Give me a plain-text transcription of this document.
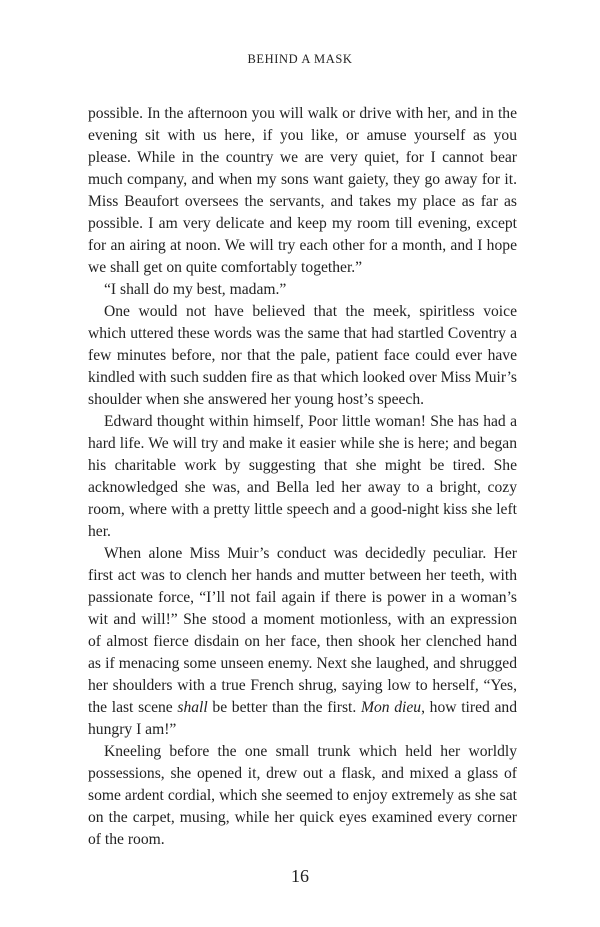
BEHIND A MASK

possible. In the afternoon you will walk or drive with her, and in the evening sit with us here, if you like, or amuse yourself as you please. While in the country we are very quiet, for I cannot bear much company, and when my sons want gaiety, they go away for it. Miss Beaufort oversees the servants, and takes my place as far as possible. I am very delicate and keep my room till evening, except for an airing at noon. We will try each other for a month, and I hope we shall get on quite comfortably together.”

“I shall do my best, madam.”

One would not have believed that the meek, spiritless voice which uttered these words was the same that had startled Coventry a few minutes before, nor that the pale, patient face could ever have kindled with such sudden fire as that which looked over Miss Muir’s shoulder when she answered her young host’s speech.

Edward thought within himself, Poor little woman! She has had a hard life. We will try and make it easier while she is here; and began his charitable work by suggesting that she might be tired. She acknowledged she was, and Bella led her away to a bright, cozy room, where with a pretty little speech and a good-night kiss she left her.

When alone Miss Muir’s conduct was decidedly peculiar. Her first act was to clench her hands and mutter between her teeth, with passionate force, “I’ll not fail again if there is power in a woman’s wit and will!” She stood a moment motionless, with an expression of almost fierce disdain on her face, then shook her clenched hand as if menacing some unseen enemy. Next she laughed, and shrugged her shoulders with a true French shrug, saying low to herself, “Yes, the last scene shall be better than the first. Mon dieu, how tired and hungry I am!”

Kneeling before the one small trunk which held her worldly possessions, she opened it, drew out a flask, and mixed a glass of some ardent cordial, which she seemed to enjoy extremely as she sat on the carpet, musing, while her quick eyes examined every corner of the room.

16
